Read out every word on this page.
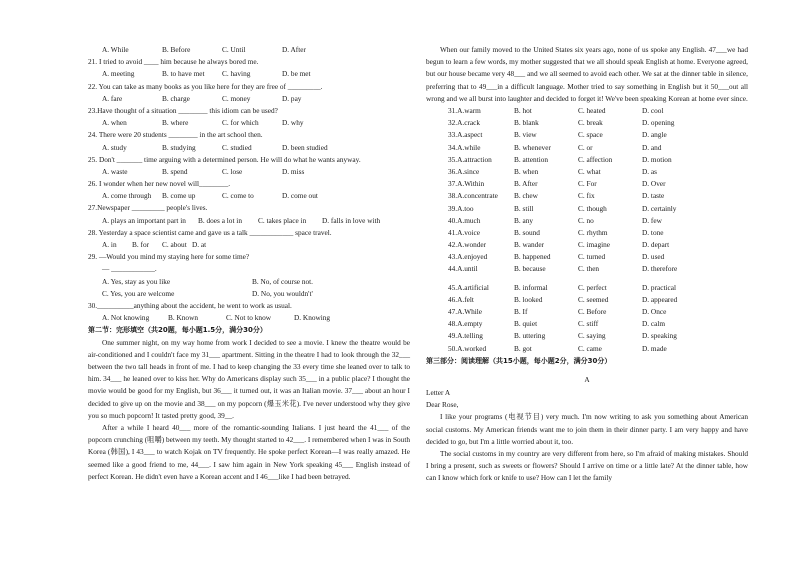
A. While	B. Before	C. Until	D. After
21. I tried to avoid ____ him because he always bored me.
A. meeting	B. to have met	C. having	D. be met
22. You can take as many books as you like here for they are free of _________.
A. fare	B. charge	C. money	D. pay
23.Have thought of a situation ________ this idiom can be used?
A. when	B. where	C. for which	D. why
24. There were 20 students ________ in the art school then.
A. study	B. studying	C. studied	D. been studied
25. Don't _______ time arguing with a determined person. He will do what he wants anyway.
A. waste	B. spend	C. lose	D. miss
26. I wonder when her new novel will________.
A. come through	B. come up	C. come to	D. come out
27.Newspaper _________ people's lives.
A. plays an important part in	B. does a lot in	C. takes place in	D. falls in love with
28. Yesterday a space scientist came and gave us a talk ____________ space travel.
A. in	B. for	C. about D. at
29. —Would you mind my staying here for some time?
— ____________.
A. Yes, stay as you like	B. No, of course not.
C. Yes, you are welcome	D. No, you wouldn't'
30.__________anything about the accident, he went to work as usual.
A. Not knowing	B. Known	C. Not to know	D. Knowing
第二节：完形填空（共20题，每小题1.5分，满分30分）

One summer night, on my way home from work I decided to see a movie. I knew the theatre would be air-conditioned and I couldn't face my 31___ apartment. Sitting in the theatre I had to look through the 32___ between the two tall heads in front of me. I had to keep changing the 33 every time she leaned over to talk to him. 34___ he leaned over to kiss her. Why do Americans display such 35___ in a public place? I thought the movie would be good for my English, but 36___ it turned out, it was an Italian movie. 37___ about an hour I decided to give up on the movie and 38___ on my popcorn (爆玉米花). I've never understood why they give you so much popcorn! It tasted pretty good, 39__.

After a while I heard 40___ more of the romantic-sounding Italians. I just heard the 41___ of the popcorn crunching (咀嚼) between my teeth. My thought started to 42___. I remembered when I was in South Korea (韩国), I 43___ to watch Kojak on TV frequently. He spoke perfect Korean—I was really amazed. He seemed like a good friend to me, 44___. I saw him again in New York speaking 45___ English instead of perfect Korean. He didn't even have a Korean accent and I 46___like I had been betrayed.

When our family moved to the United States six years ago, none of us spoke any English. 47___we had begun to learn a few words, my mother suggested that we all should speak English at home. Everyone agreed, but our house became very 48___ and we all seemed to avoid each other. We sat at the dinner table in silence, preferring that to 49___in a difficult language. Mother tried to say something in English but it 50___out all wrong and we all burst into laughter and decided to forget it! We've been speaking Korean at home ever since.

31.A.warm	B. hot	C. heated	D. cool
32.A.crack	B. blank	C. break	D. opening
33.A.aspect	B. view	C. space	D. angle
34.A.while	B. whenever	C. or	D. and
35.A.attraction	B. attention	C. affection	D. motion
36.A.since	B. when	C. what	D. as
37.A.Within	B. After	C. For	D. Over
38.A.concentrate	B. chew	C. fix	D. taste
39.A.too	B. still	C. though	D. certainly
40.A.much	B. any	C. no	D. few
41.A.voice	B. sound	C. rhythm	D. tone
42.A.wonder	B. wander	C. imagine	D. depart
43.A.enjoyed	B. happened	C. turned	D. used
44.A.until	B. because	C. then	D. therefore
45.A.artificial	B. informal	C. perfect	D. practical
46.A.felt	B. looked	C. seemed	D. appeared
47.A.While	B. If	C. Before	D. Once
48.A.empty	B. quiet	C. stiff	D. calm
49.A.telling	B. uttering	C. saying	D. speaking
50.A.worked	B. got	C. came	D. made
第三部分：阅读理解（共15小题，每小题2分，满分30分）
A
Letter A
Dear Rose,

I like your programs (电视节目) very much. I'm now writing to ask you something about American social customs. My American friends want me to join them in their dinner party. I am very happy and have decided to go, but I'm a little worried about it, too.

The social customs in my country are very different from here, so I'm afraid of making mistakes. Should I bring a present, such as sweets or flowers? Should I arrive on time or a little late? At the dinner table, how can I know which fork or knife to use? How can I let the family
